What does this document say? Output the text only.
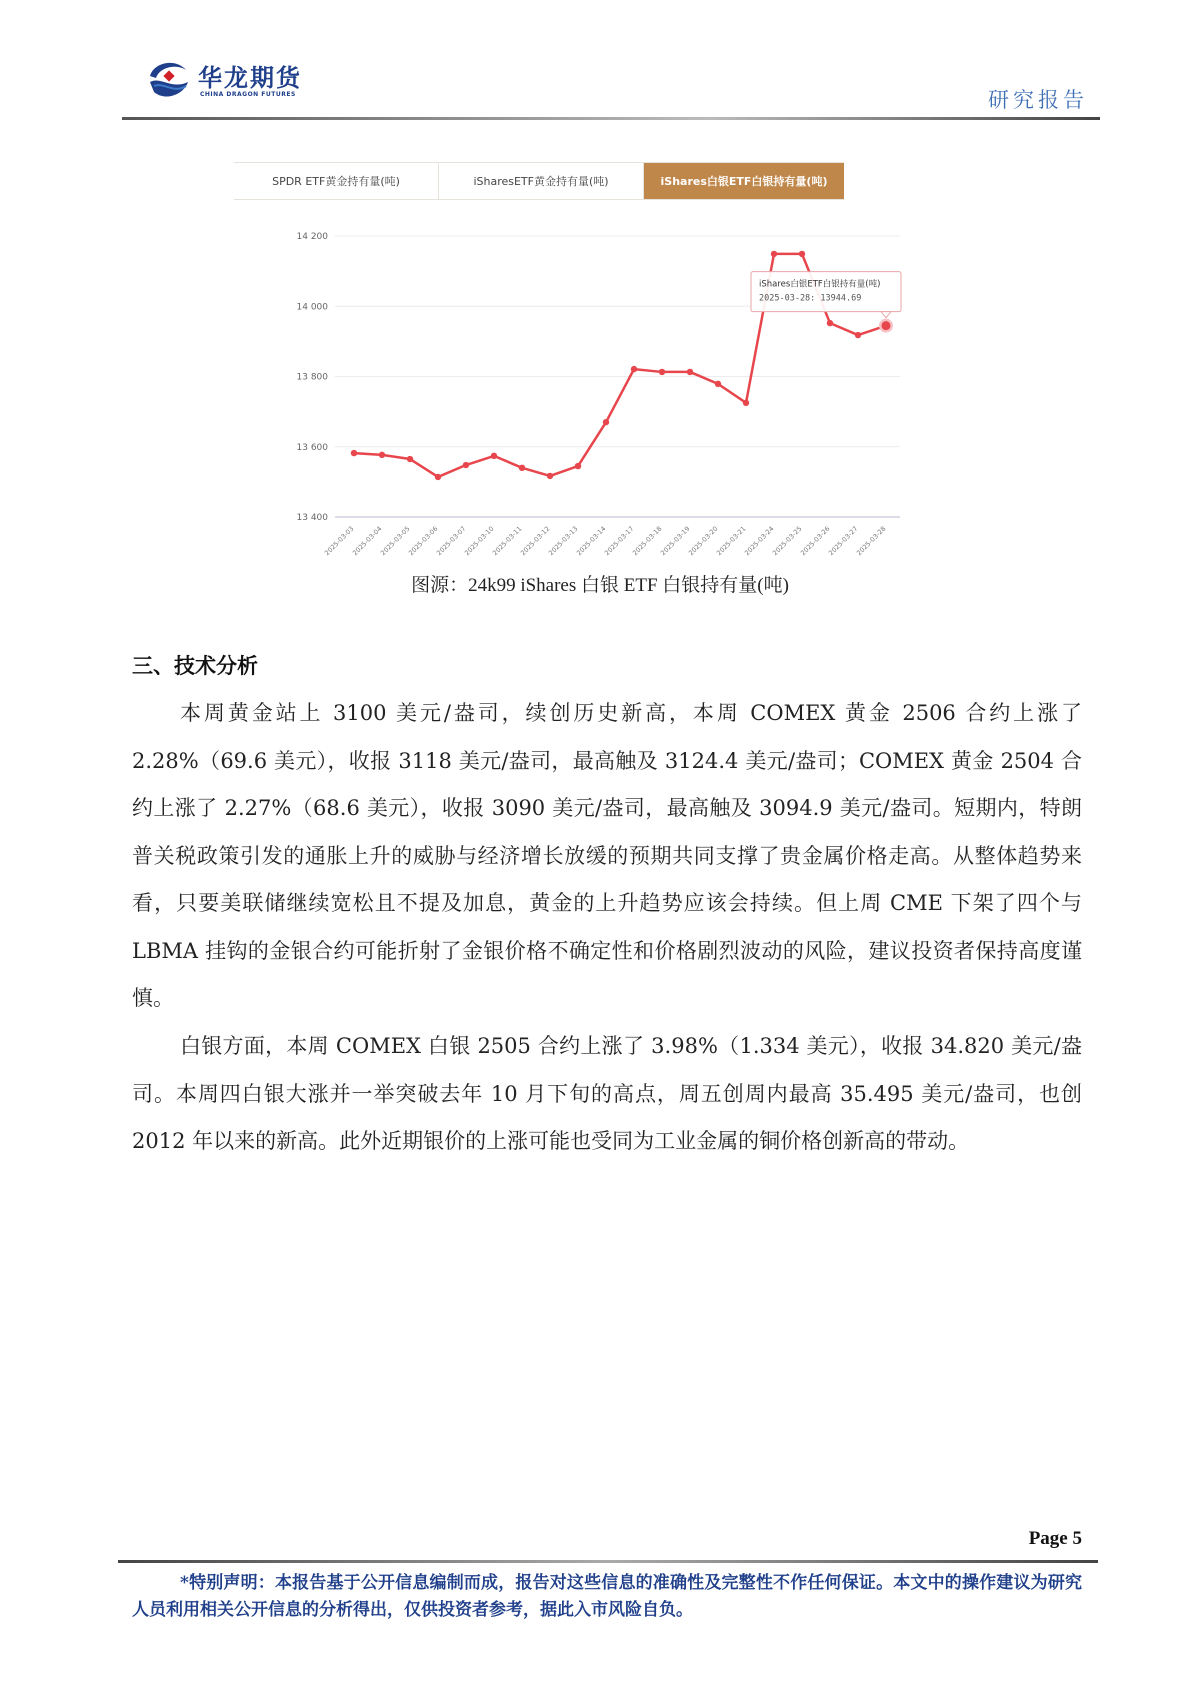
华龙期货
CHINA DRAGON FUTURES	研究报告
SPDR ETF黄金持有量(吨)	iSharesETF黄金持有量(吨)	iShares白银ETF白银持有量(吨)
14 200
14 000
13 800
13 600
13 400
2025-03-03
2025-03-04
2025-03-05
2025-03-06
2025-03-07
2025-03-10
2025-03-11
2025-03-12
2025-03-13
2025-03-14
2025-03-17
2025-03-18
2025-03-19
2025-03-20
2025-03-21
2025-03-24
2025-03-25
2025-03-26
2025-03-27
2025-03-28
iShares白银ETF白银持有量(吨)
2025-03-28: 13944.69
图源：24k99 iShares 白银 ETF 白银持有量(吨)
三、技术分析

本周黄金站上 3100 美元/盎司，续创历史新高，本周 COMEX 黄金 2506 合约上涨了 2.28%（69.6 美元），收报 3118 美元/盎司，最高触及 3124.4 美元/盎司；COMEX 黄金 2504 合约上涨了 2.27%（68.6 美元），收报 3090 美元/盎司，最高触及 3094.9 美元/盎司。短期内，特朗普关税政策引发的通胀上升的威胁与经济增长放缓的预期共同支撑了贵金属价格走高。从整体趋势来看，只要美联储继续宽松且不提及加息，黄金的上升趋势应该会持续。但上周 CME 下架了四个与 LBMA 挂钩的金银合约可能折射了金银价格不确定性和价格剧烈波动的风险，建议投资者保持高度谨慎。

白银方面，本周 COMEX 白银 2505 合约上涨了 3.98%（1.334 美元），收报 34.820 美元/盎司。本周四白银大涨并一举突破去年 10 月下旬的高点，周五创周内最高 35.495 美元/盎司，也创 2012 年以来的新高。此外近期银价的上涨可能也受同为工业金属的铜价格创新高的带动。

Page 5

*特别声明：本报告基于公开信息编制而成，报告对这些信息的准确性及完整性不作任何保证。本文中的操作建议为研究人员利用相关公开信息的分析得出，仅供投资者参考，据此入市风险自负。
